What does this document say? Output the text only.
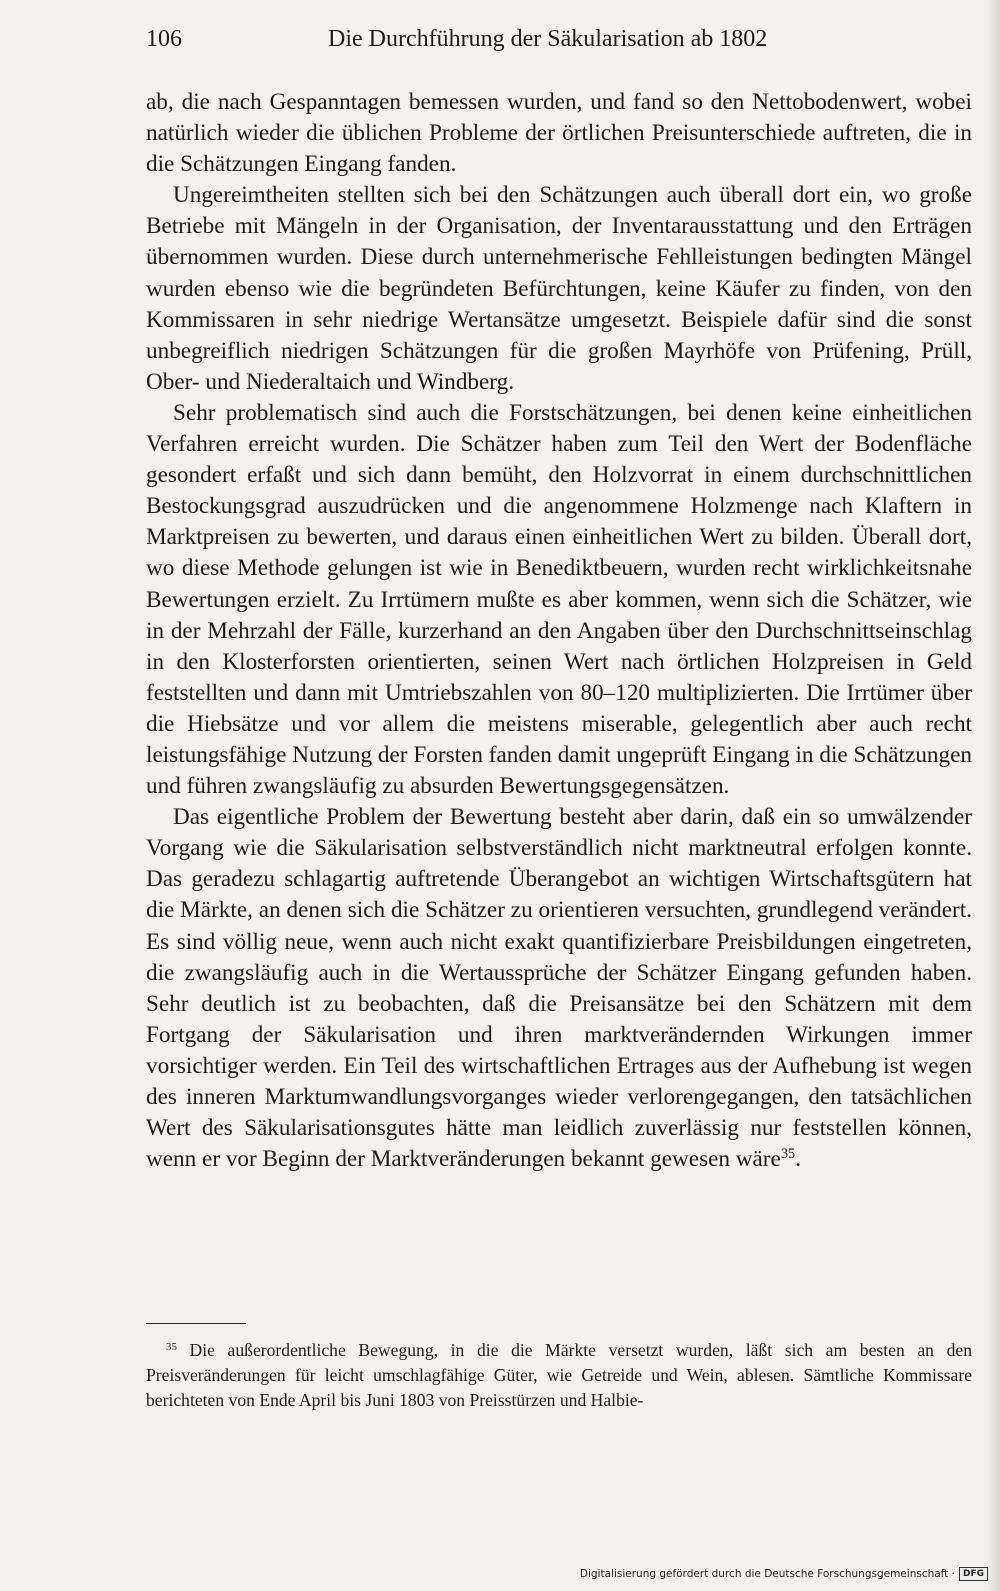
106	Die Durchführung der Säkularisation ab 1802

ab, die nach Gespanntagen bemessen wurden, und fand so den Nettobodenwert, wobei natürlich wieder die üblichen Probleme der örtlichen Preisunterschiede auftreten, die in die Schätzungen Eingang fanden.

Ungereimtheiten stellten sich bei den Schätzungen auch überall dort ein, wo große Betriebe mit Mängeln in der Organisation, der Inventarausstattung und den Erträgen übernommen wurden. Diese durch unternehmerische Fehlleistungen bedingten Mängel wurden ebenso wie die begründeten Befürchtungen, keine Käufer zu finden, von den Kommissaren in sehr niedrige Wertansätze umgesetzt. Beispiele dafür sind die sonst unbegreiflich niedrigen Schätzungen für die großen Mayrhöfe von Prüfening, Prüll, Ober- und Niederaltaich und Windberg.

Sehr problematisch sind auch die Forstschätzungen, bei denen keine einheitlichen Verfahren erreicht wurden. Die Schätzer haben zum Teil den Wert der Bodenfläche gesondert erfaßt und sich dann bemüht, den Holzvorrat in einem durchschnittlichen Bestockungsgrad auszudrücken und die angenommene Holzmenge nach Klaftern in Marktpreisen zu bewerten, und daraus einen einheitlichen Wert zu bilden. Überall dort, wo diese Methode gelungen ist wie in Benediktbeuern, wurden recht wirklichkeitsnahe Bewertungen erzielt. Zu Irrtümern mußte es aber kommen, wenn sich die Schätzer, wie in der Mehrzahl der Fälle, kurzerhand an den Angaben über den Durchschnittseinschlag in den Klosterforsten orientierten, seinen Wert nach örtlichen Holzpreisen in Geld feststellten und dann mit Umtriebszahlen von 80–120 multiplizierten. Die Irrtümer über die Hiebsätze und vor allem die meistens miserable, gelegentlich aber auch recht leistungsfähige Nutzung der Forsten fanden damit ungeprüft Eingang in die Schätzungen und führen zwangsläufig zu absurden Bewertungsgegensätzen.

Das eigentliche Problem der Bewertung besteht aber darin, daß ein so umwälzender Vorgang wie die Säkularisation selbstverständlich nicht marktneutral erfolgen konnte. Das geradezu schlagartig auftretende Überangebot an wichtigen Wirtschaftsgütern hat die Märkte, an denen sich die Schätzer zu orientieren versuchten, grundlegend verändert. Es sind völlig neue, wenn auch nicht exakt quantifizierbare Preisbildungen eingetreten, die zwangsläufig auch in die Wertaussprüche der Schätzer Eingang gefunden haben. Sehr deutlich ist zu beobachten, daß die Preisansätze bei den Schätzern mit dem Fortgang der Säkularisation und ihren marktverändernden Wirkungen immer vorsichtiger werden. Ein Teil des wirtschaftlichen Ertrages aus der Aufhebung ist wegen des inneren Marktumwandlungsvorganges wieder verlorengegangen, den tatsächlichen Wert des Säkularisationsgutes hätte man leidlich zuverlässig nur feststellen können, wenn er vor Beginn der Marktveränderungen bekannt gewesen wäre$^{35}$.

$^{35}$ Die außerordentliche Bewegung, in die die Märkte versetzt wurden, läßt sich am besten an den Preisveränderungen für leicht umschlagfähige Güter, wie Getreide und Wein, ablesen. Sämtliche Kommissare berichteten von Ende April bis Juni 1803 von Preisstürzen und Halbie-
Digitalisierung gefördert durch die Deutsche Forschungsgemeinschaft · DFG
